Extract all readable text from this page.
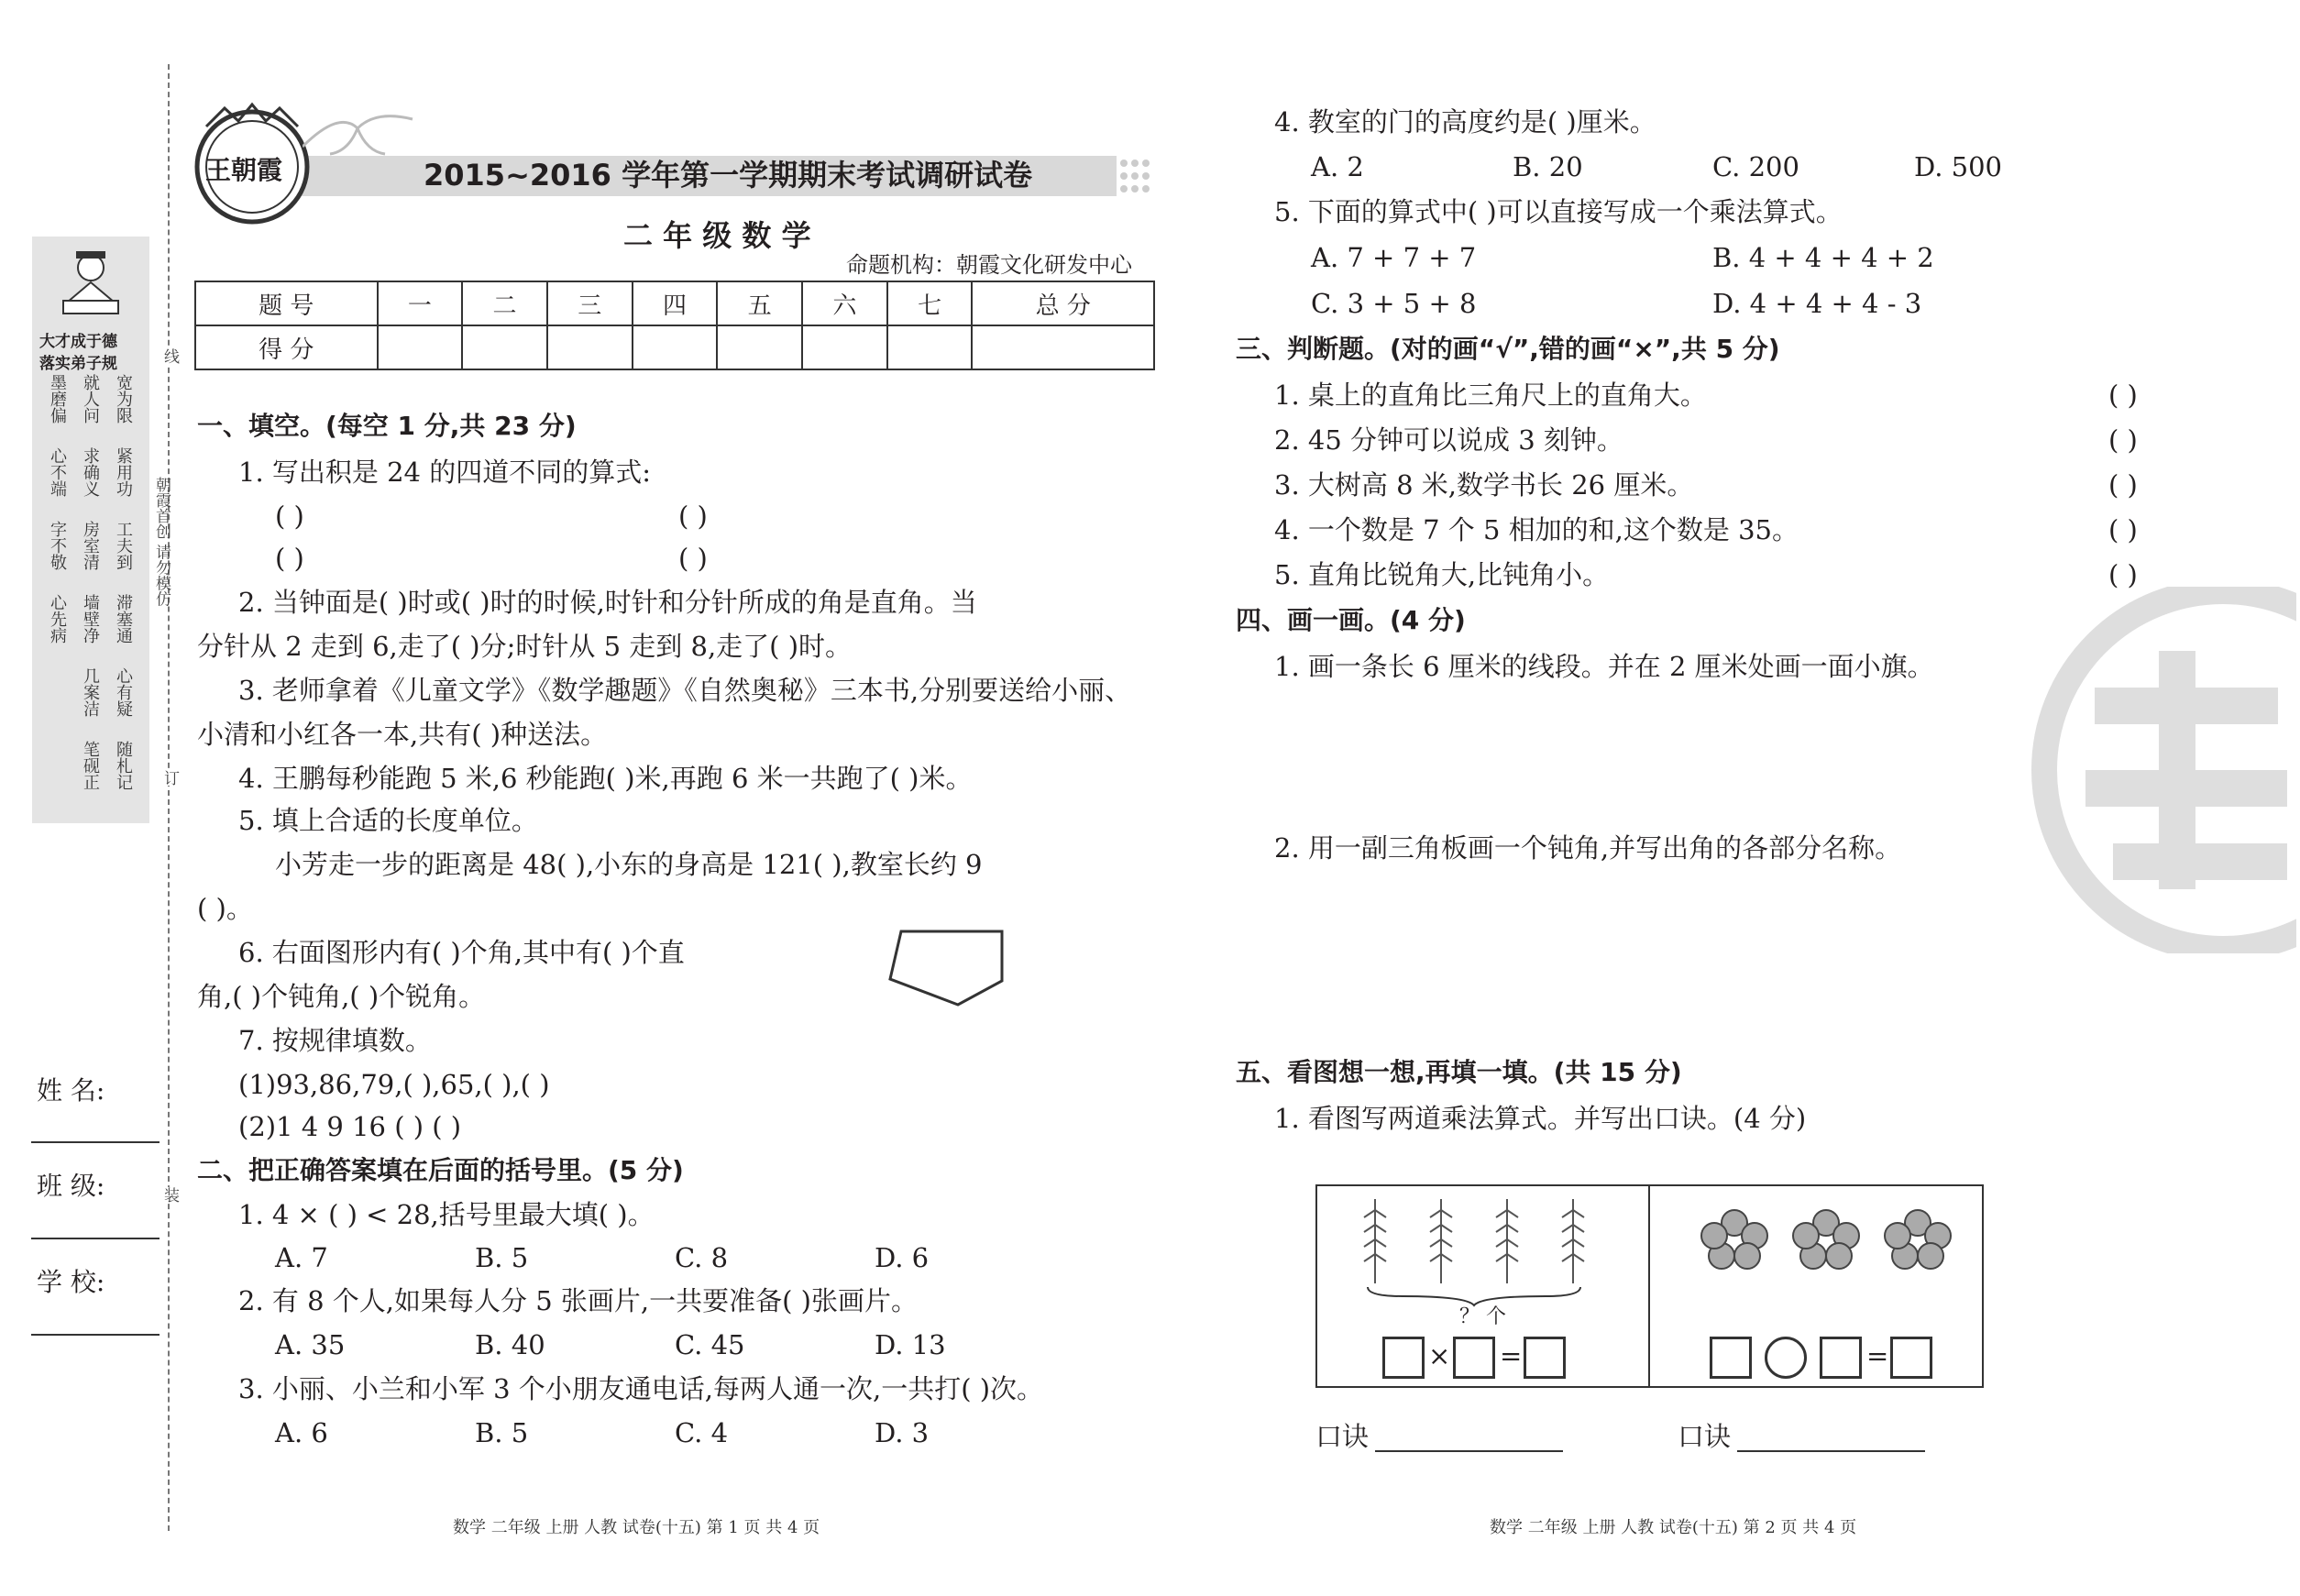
线
订
装
朝霞首创 请勿模仿
大才成于德
落实弟子规
宽为限
紧用功
工夫到
滞塞通
心有疑
随札记
就人问
求确义
房室清
墙壁净
几案洁
笔砚正
墨磨偏
心不端
字不敬
心先病
姓 名:
班 级:
学 校:
王朝霞	2015~2016 学年第一学期期末考试调研试卷
二 年 级 数 学
命题机构：朝霞文化研发中心
题 号	一	二	三	四	五	六	七	总 分
得 分								
一、填空。(每空 1 分,共 23 分)
1. 写出积是 24 的四道不同的算式:
( )	( )
( )	( )
2. 当钟面是( )时或( )时的时候,时针和分针所成的角是直角。当
分针从 2 走到 6,走了( )分;时针从 5 走到 8,走了( )时。
3. 老师拿着《儿童文学》《数学趣题》《自然奥秘》三本书,分别要送给小丽、
小清和小红各一本,共有( )种送法。
4. 王鹏每秒能跑 5 米,6 秒能跑( )米,再跑 6 米一共跑了( )米。
5. 填上合适的长度单位。
小芳走一步的距离是 48( ),小东的身高是 121( ),教室长约 9
( )。
6. 右面图形内有( )个角,其中有( )个直
角,( )个钝角,( )个锐角。
7. 按规律填数。
(1)93,86,79,( ),65,( ),( )
(2)1 4 9 16 ( ) ( )
二、把正确答案填在后面的括号里。(5 分)
1. 4 × ( ) < 28,括号里最大填( )。
A. 7	B. 5	C. 8	D. 6
2. 有 8 个人,如果每人分 5 张画片,一共要准备( )张画片。
A. 35	B. 40	C. 45	D. 13
3. 小丽、小兰和小军 3 个小朋友通电话,每两人通一次,一共打( )次。
A. 6	B. 5	C. 4	D. 3
数学 二年级 上册 人教 试卷(十五) 第 1 页 共 4 页
4. 教室的门的高度约是( )厘米。
A. 2	B. 20	C. 200	D. 500
5. 下面的算式中( )可以直接写成一个乘法算式。
A. 7 + 7 + 7	B. 4 + 4 + 4 + 2
C. 3 + 5 + 8	D. 4 + 4 + 4 - 3
三、判断题。(对的画“√”,错的画“×”,共 5 分)
1. 桌上的直角比三角尺上的直角大。	( )
2. 45 分钟可以说成 3 刻钟。	( )
3. 大树高 8 米,数学书长 26 厘米。	( )
4. 一个数是 7 个 5 相加的和,这个数是 35。	( )
5. 直角比锐角大,比钝角小。	( )
四、画一画。(4 分)
1. 画一条长 6 厘米的线段。并在 2 厘米处画一面小旗。
2. 用一副三角板画一个钝角,并写出角的各部分名称。
五、看图想一想,再填一填。(共 15 分)
1. 看图写两道乘法算式。并写出口诀。(4 分)
？ 个
× =	=
口诀	口诀
数学 二年级 上册 人教 试卷(十五) 第 2 页 共 4 页
